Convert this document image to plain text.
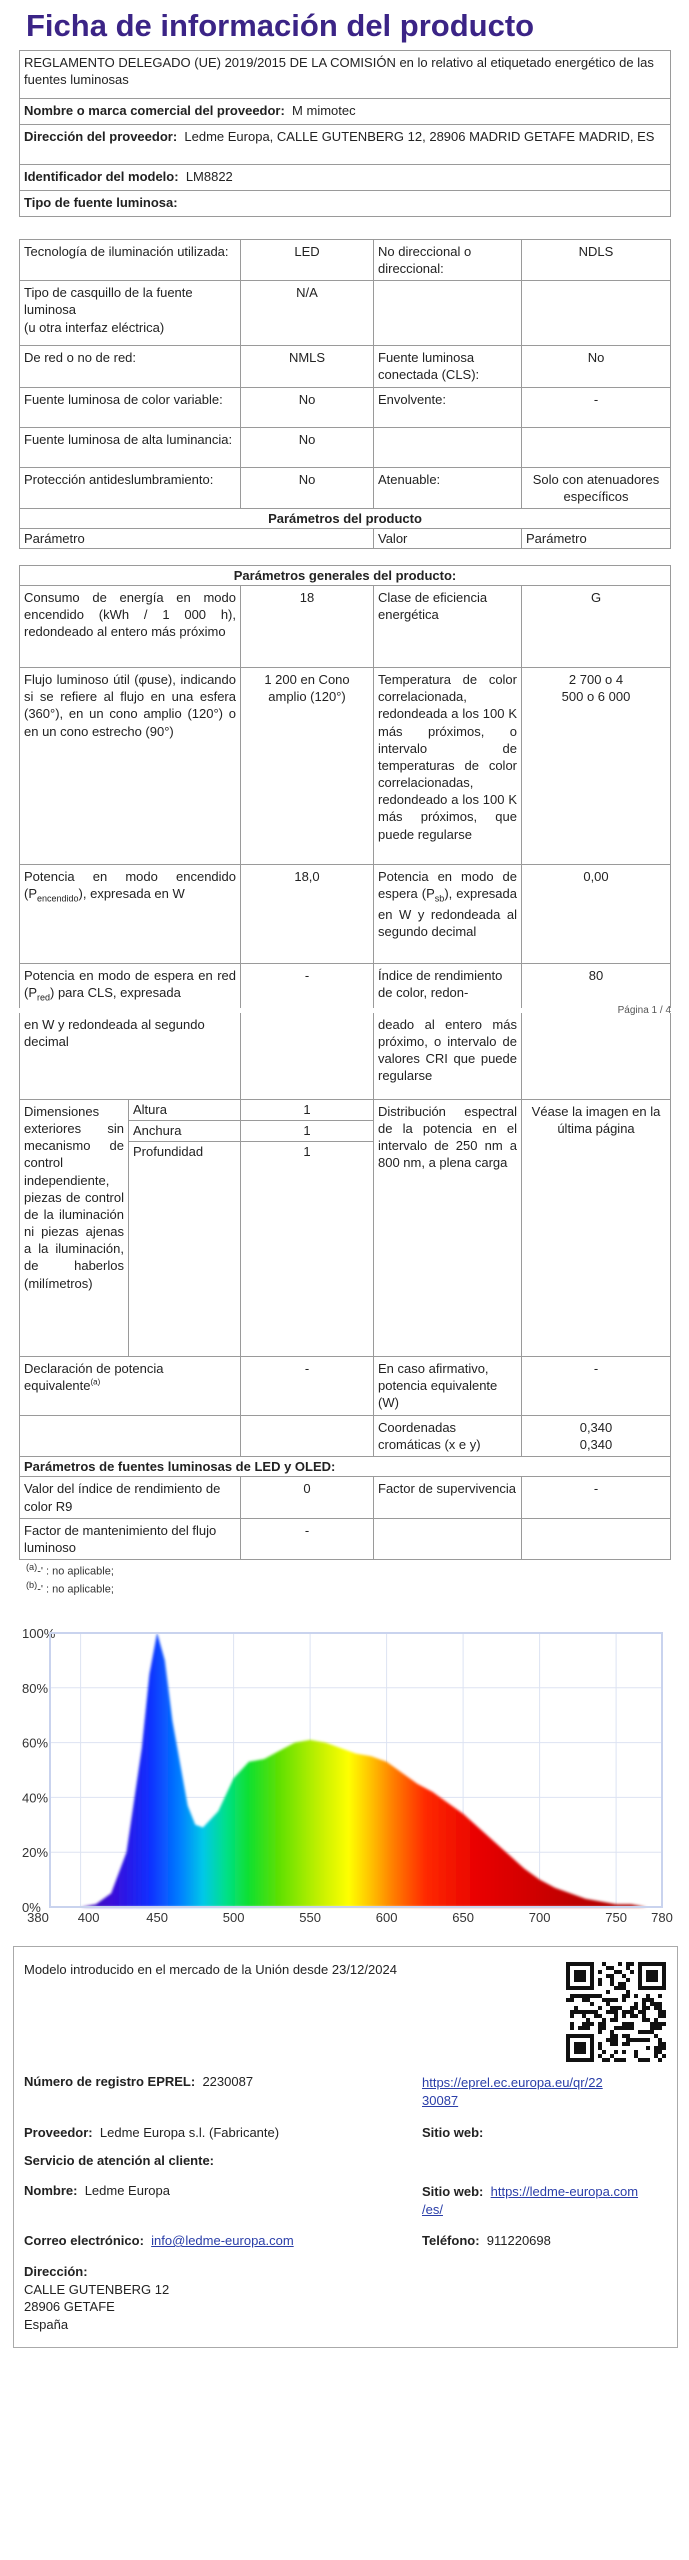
Ficha de información del producto
REGLAMENTO DELEGADO (UE) 2019/2015 DE LA COMISIÓN en lo relativo al etiquetado energético de las fuentes luminosas
Nombre o marca comercial del proveedor: M mimotec
Dirección del proveedor: Ledme Europa, CALLE GUTENBERG 12, 28906 MADRID GETAFE MADRID, ES
Identificador del modelo: LM8822
Tipo de fuente luminosa:
Tecnología de iluminación utilizada:	LED	No direccional o direccional:	NDLS
Tipo de casquillo de la fuente luminosa
(u otra interfaz eléctrica)	N/A		
De red o no de red:	NMLS	Fuente luminosa conectada (CLS):	No
Fuente luminosa de color variable:	No	Envolvente:	-
Fuente luminosa de alta luminancia:	No		
Protección antideslumbramiento:	No	Atenuable:	Solo con atenuadores específicos
Parámetros del producto			
Parámetro		Valor	Parámetro
Parámetros generales del producto:			
Consumo de energía en modo encendido (kWh / 1 000 h), redondeado al entero más próximo	18	Clase de eficiencia energética	G
Flujo luminoso útil (φuse), indicando si se refiere al flujo en una esfera (360°), en un cono amplio (120°) o en un cono estrecho (90°)	1 200 en Cono amplio (120°)	Temperatura de color correlacionada, redondeada a los 100 K más próximos, o intervalo de temperaturas de color correlacionadas, redondeado a los 100 K más próximos, que puede regularse	2 700 o 4
500 o 6 000
Potencia en modo encendido $(P_{encendido})$, expresada en W	18,0	Potencia en modo de espera $(P_{sb})$, expresada en W y redondeada al segundo decimal	0,00
Potencia en modo de espera en red $(P_{red})$ para CLS, expresada	-	Índice de rendimiento de color, redon-	80
Página 1 / 4
en W y redondeada al segundo decimal			deado al entero más próximo, o intervalo de valores CRI que puede regularse	
Dimensiones exteriores sin mecanismo de control independiente, piezas de control de la iluminación ni piezas ajenas a la iluminación, de haberlos (milímetros)	Altura	1	Distribución espectral de la potencia en el intervalo de 250 nm a 800 nm, a plena carga	Véase la imagen en la última página
	Anchura	1		
	Profundidad	1		
Declaración de potencia equivalente$^{(a)}$		-	En caso afirmativo, potencia equivalente (W)	-
			Coordenadas cromáticas (x e y)	0,340
0,340
Parámetros de fuentes luminosas de LED y OLED:				
Valor del índice de rendimiento de color R9		0	Factor de supervivencia	-
Factor de mantenimiento del flujo luminoso		-		
$^{(a)}$-' : no aplicable;
$^{(b)}$-' : no aplicable;
0%
20%
40%
60%
80%
100%
380 400	450	500	550	600	650	700	750 780
Modelo introducido en el mercado de la Unión desde 23/12/2024
Número de registro EPREL: 2230087	https://eprel.ec.europa.eu/qr/22
30087
Proveedor: Ledme Europa s.l. (Fabricante)	Sitio web:
Servicio de atención al cliente:
Nombre: Ledme Europa	Sitio web: https://ledme-europa.com
/es/
Correo electrónico: info@ledme-europa.com	Teléfono: 911220698
Dirección:
CALLE GUTENBERG 12
28906 GETAFE
España
